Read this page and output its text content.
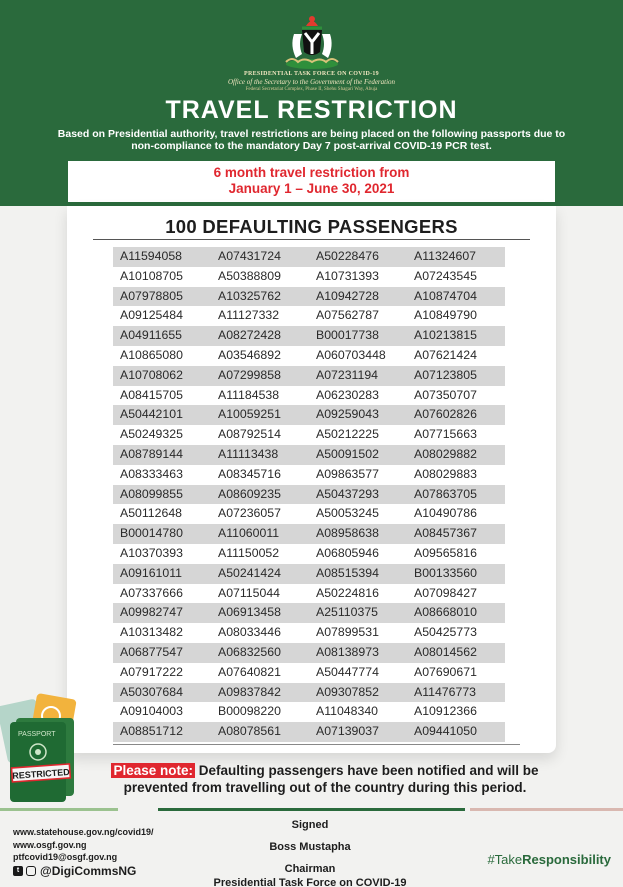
PRESIDENTIAL TASK FORCE ON COVID-19
Office of the Secretary to the Government of the Federation
Federal Secretariat Complex, Phase II, Shehu Shagari Way, Abuja
TRAVEL RESTRICTION
Based on Presidential authority, travel restrictions are being placed on the following passports due to non-compliance to the mandatory Day 7 post-arrival COVID-19 PCR test.
6 month travel restriction from
January 1 – June 30, 2021
100 DEFAULTING PASSENGERS
A11594058	A07431724	A50228476	A11324607
A10108705	A50388809	A10731393	A07243545
A07978805	A10325762	A10942728	A10874704
A09125484	A11127332	A07562787	A10849790
A04911655	A08272428	B00017738	A10213815
A10865080	A03546892	A060703448	A07621424
A10708062	A07299858	A07231194	A07123805
A08415705	A11184538	A06230283	A07350707
A50442101	A10059251	A09259043	A07602826
A50249325	A08792514	A50212225	A07715663
A08789144	A11113438	A50091502	A08029882
A08333463	A08345716	A09863577	A08029883
A08099855	A08609235	A50437293	A07863705
A50112648	A07236057	A50053245	A10490786
B00014780	A11060011	A08958638	A08457367
A10370393	A11150052	A06805946	A09565816
A09161011	A50241424	A08515394	B00133560
A07337666	A07115044	A50224816	A07098427
A09982747	A06913458	A25110375	A08668010
A10313482	A08033446	A07899531	A50425773
A06877547	A06832560	A08138973	A08014562
A07917222	A07640821	A50447774	A07690671
A50307684	A09837842	A09307852	A11476773
A09104003	B00098220	A11048340	A10912366
A08851712	A08078561	A07139037	A09441050
PASSPORT
RESTRICTED	Please note: Defaulting passengers have been notified and will be prevented from travelling out of the country during this period.
www.statehouse.gov.ng/covid19/
www.osgf.gov.ng
ptfcovid19@osgf.gov.ng
t	@DigiCommsNG
Signed
Boss Mustapha
Chairman
Presidential Task Force on COVID-19
#TakeResponsibility
